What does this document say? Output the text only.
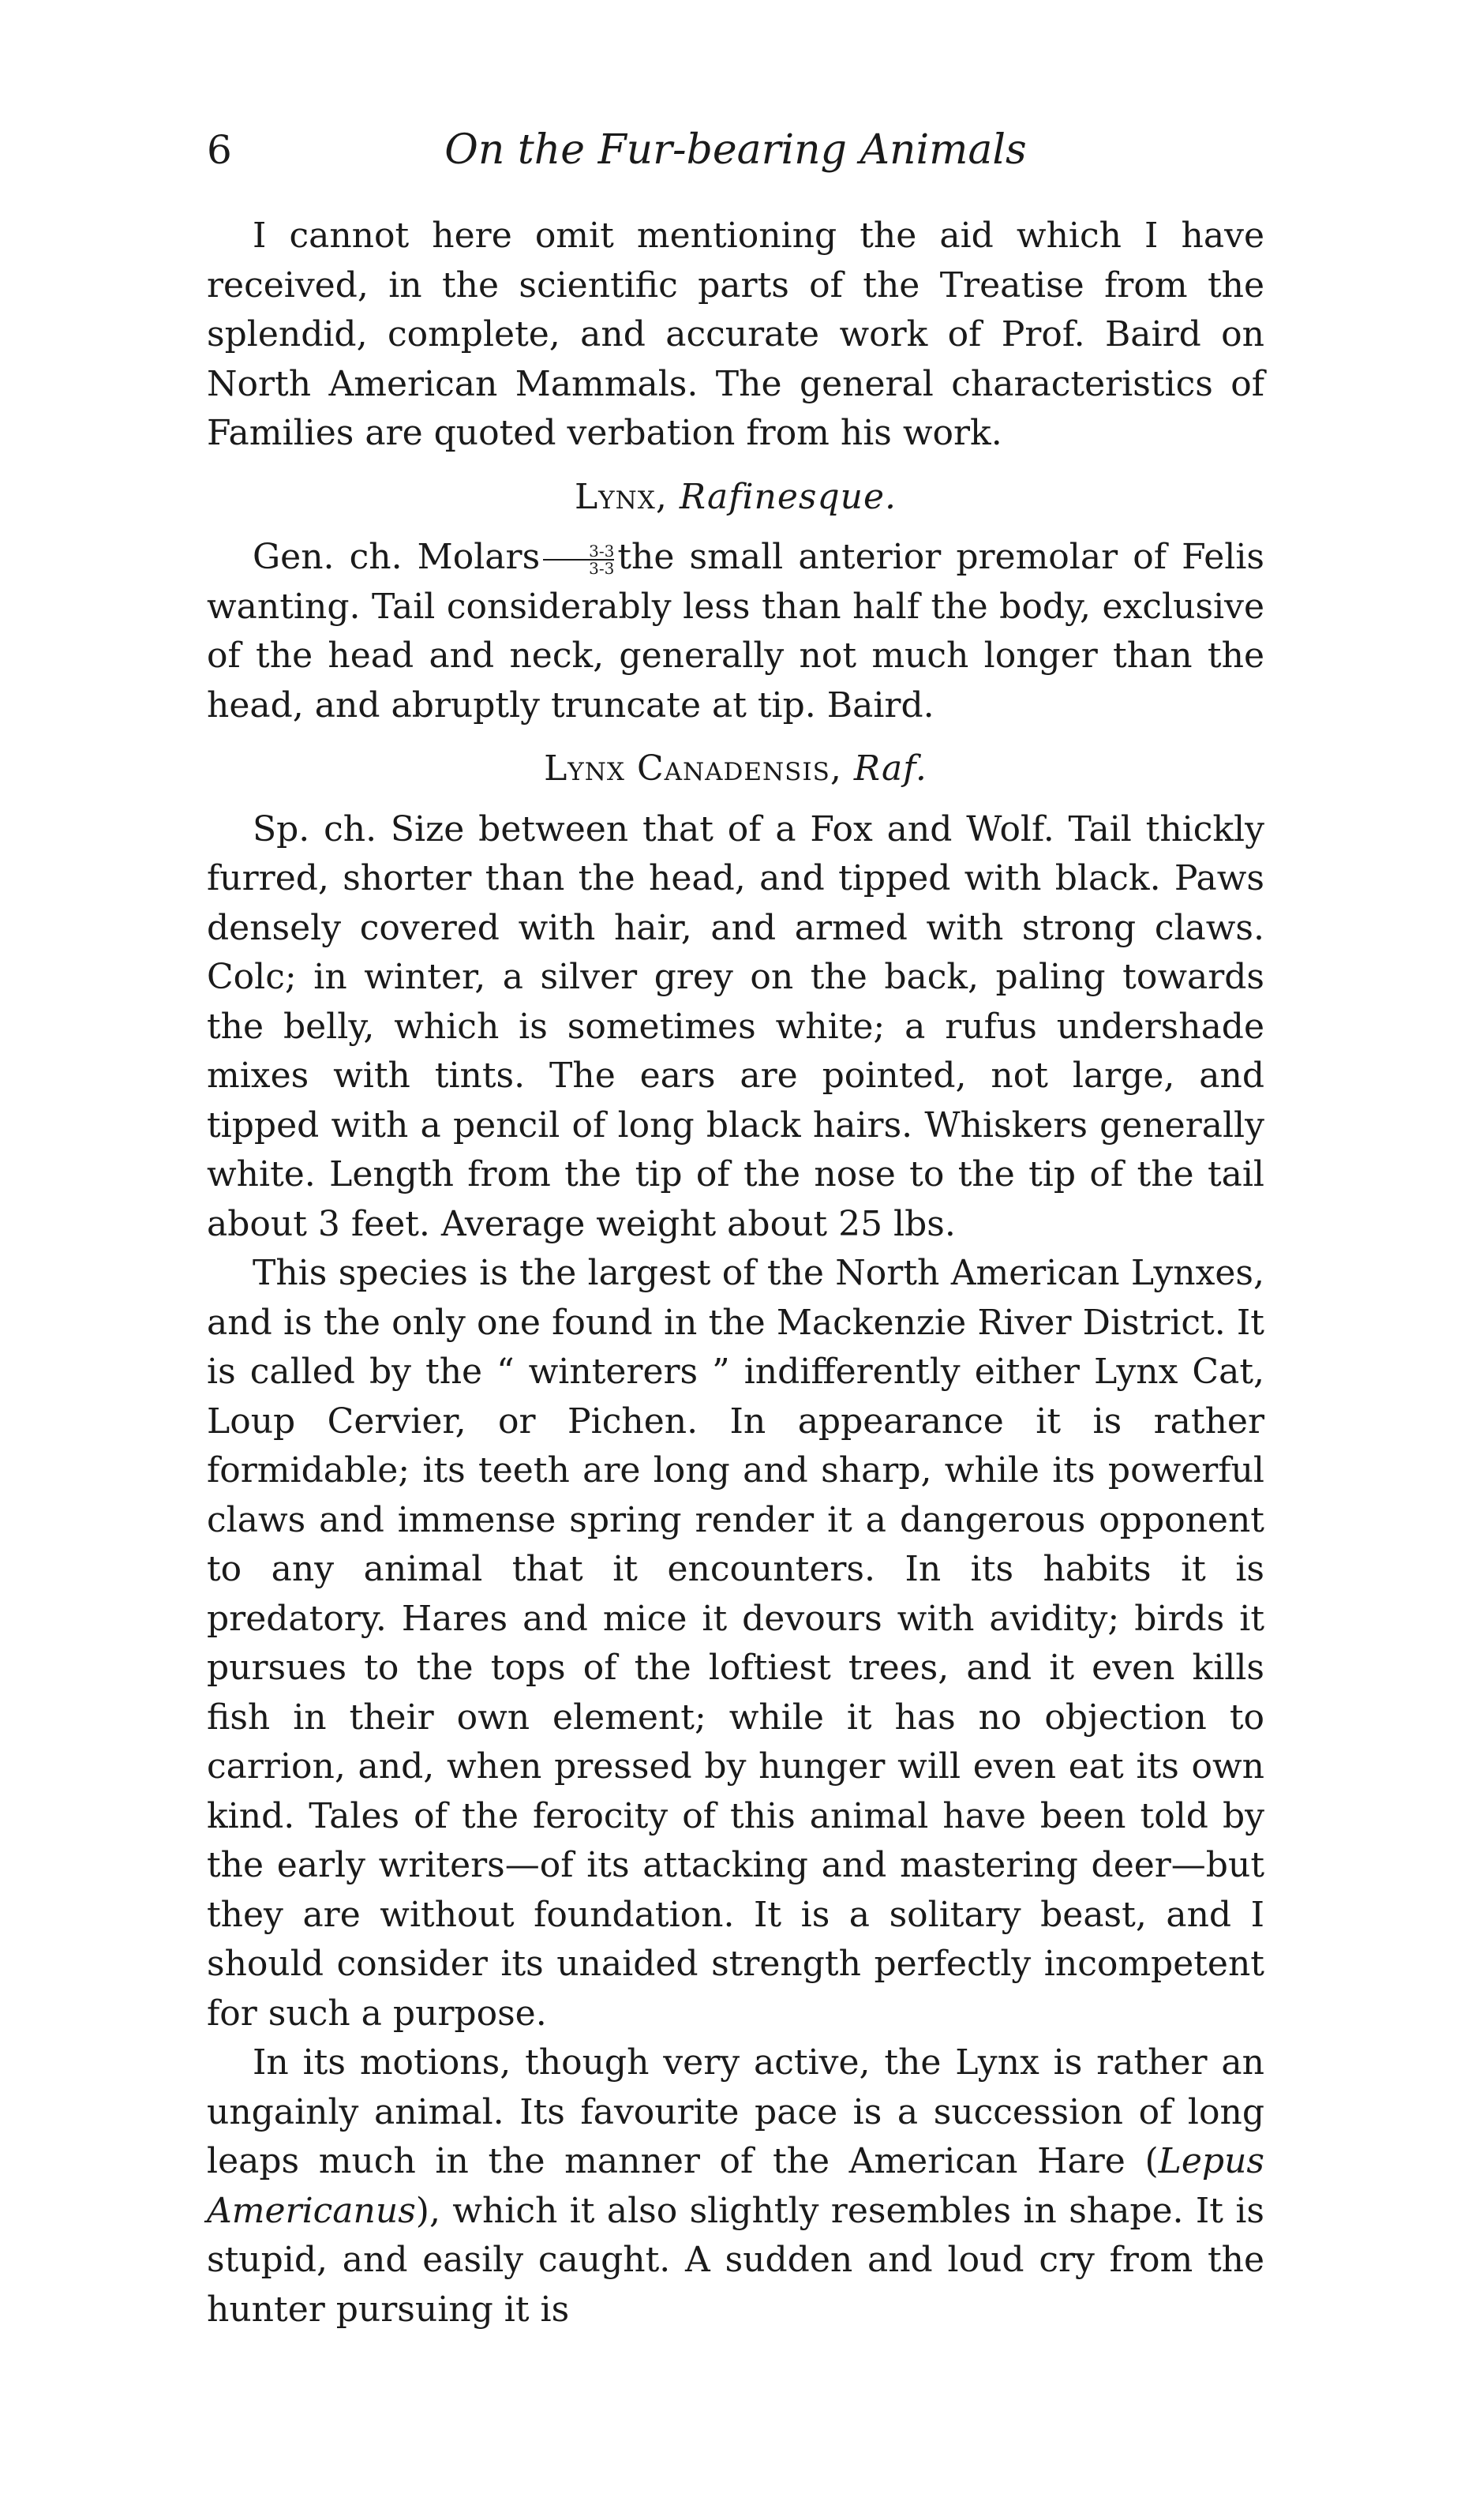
6	On the Fur-bearing Animals

I cannot here omit mentioning the aid which I have received, in the scientific parts of the Treatise from the splendid, complete, and accurate work of Prof. Baird on North American Mammals. The general characteristics of Families are quoted verbation from his work.

Lynx, Rafinesque.

Gen. ch. Molars $\frac{3-3}{3-3}$ the small anterior premolar of Felis wanting. Tail considerably less than half the body, exclusive of the head and neck, generally not much longer than the head, and abruptly truncate at tip. Baird.

Lynx Canadensis, Raf.

Sp. ch. Size between that of a Fox and Wolf. Tail thickly furred, shorter than the head, and tipped with black. Paws densely covered with hair, and armed with strong claws. Colc; in winter, a silver grey on the back, paling towards the belly, which is sometimes white; a rufus undershade mixes with tints. The ears are pointed, not large, and tipped with a pencil of long black hairs. Whiskers generally white. Length from the tip of the nose to the tip of the tail about 3 feet. Average weight about 25 lbs.

This species is the largest of the North American Lynxes, and is the only one found in the Mackenzie River District. It is called by the “ winterers ” indifferently either Lynx Cat, Loup Cervier, or Pichen. In appearance it is rather formidable; its teeth are long and sharp, while its powerful claws and immense spring render it a dangerous opponent to any animal that it encounters. In its habits it is predatory. Hares and mice it devours with avidity; birds it pursues to the tops of the loftiest trees, and it even kills fish in their own element; while it has no objection to carrion, and, when pressed by hunger will even eat its own kind. Tales of the ferocity of this animal have been told by the early writers—of its attacking and mastering deer—but they are without foundation. It is a solitary beast, and I should consider its unaided strength perfectly incompetent for such a purpose.

In its motions, though very active, the Lynx is rather an ungainly animal. Its favourite pace is a succession of long leaps much in the manner of the American Hare (Lepus Americanus), which it also slightly resembles in shape. It is stupid, and easily caught. A sudden and loud cry from the hunter pursuing it is
